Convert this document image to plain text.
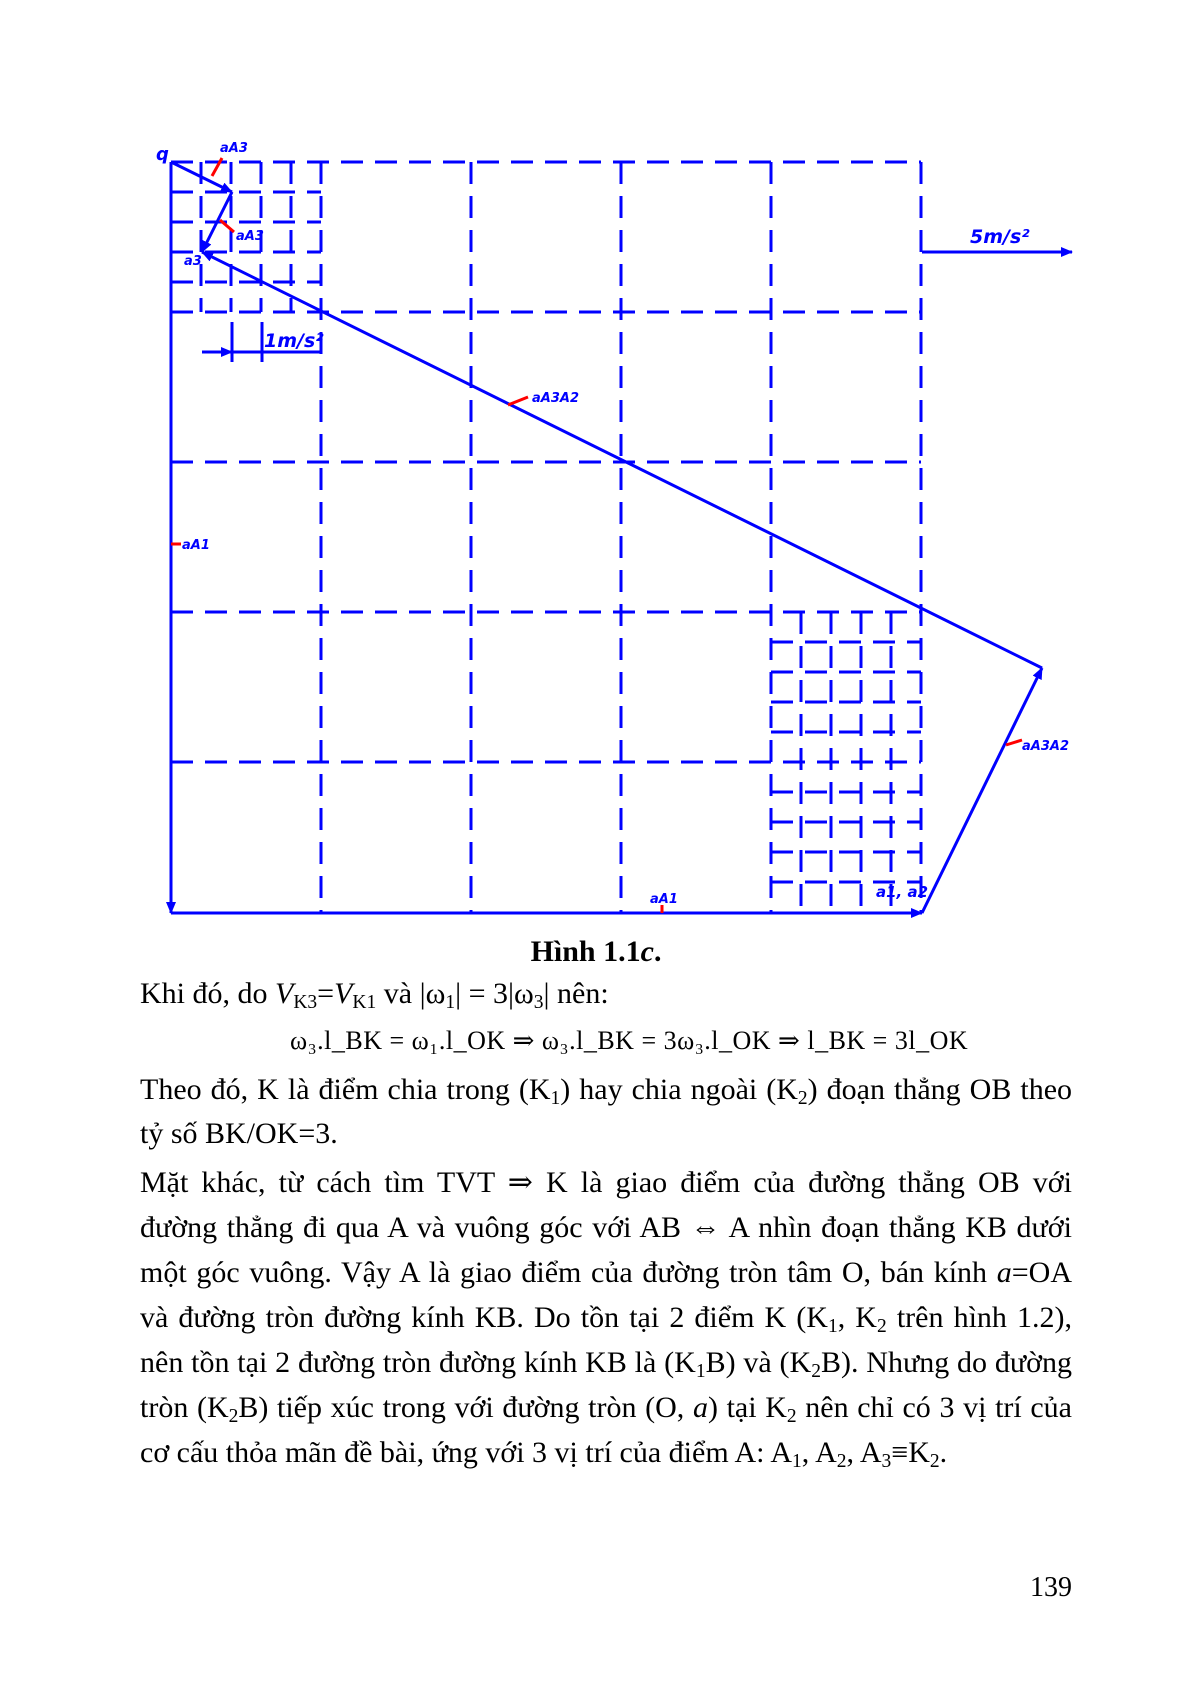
q
a3
a1, a2
5m/s²
1m/s²
aA3
aA3
aA1
aA3A2
aA3A2
aA1
Hình 1.1c.
Khi đó, do $V_{K3}=V_{K1}$ và $|\omega_1| = 3|\omega_3|$ nên:
ω₃.l_BK = ω₁.l_OK ⇒ ω₃.l_BK = 3ω₃.l_OK ⇒ l_BK = 3l_OK

Theo đó, K là điểm chia trong $(K_1)$ hay chia ngoài $(K_2)$ đoạn thẳng OB theo tỷ số BK/OK=3.

Mặt khác, từ cách tìm TVT ⇒ K là giao điểm của đường thẳng OB với đường thẳng đi qua A và vuông góc với AB ⇔ A nhìn đoạn thẳng KB dưới một góc vuông. Vậy A là giao điểm của đường tròn tâm O, bán kính a=OA và đường tròn đường kính KB. Do tồn tại 2 điểm K ($K_1$, $K_2$ trên hình 1.2), nên tồn tại 2 đường tròn đường kính KB là $(K_1B)$ và $(K_2B)$. Nhưng do đường tròn $(K_2B)$ tiếp xúc trong với đường tròn (O, a) tại $K_2$ nên chỉ có 3 vị trí của cơ cấu thỏa mãn đề bài, ứng với 3 vị trí của điểm A: $A_1$, $A_2$, $A_3\equiv K_2$.

139
